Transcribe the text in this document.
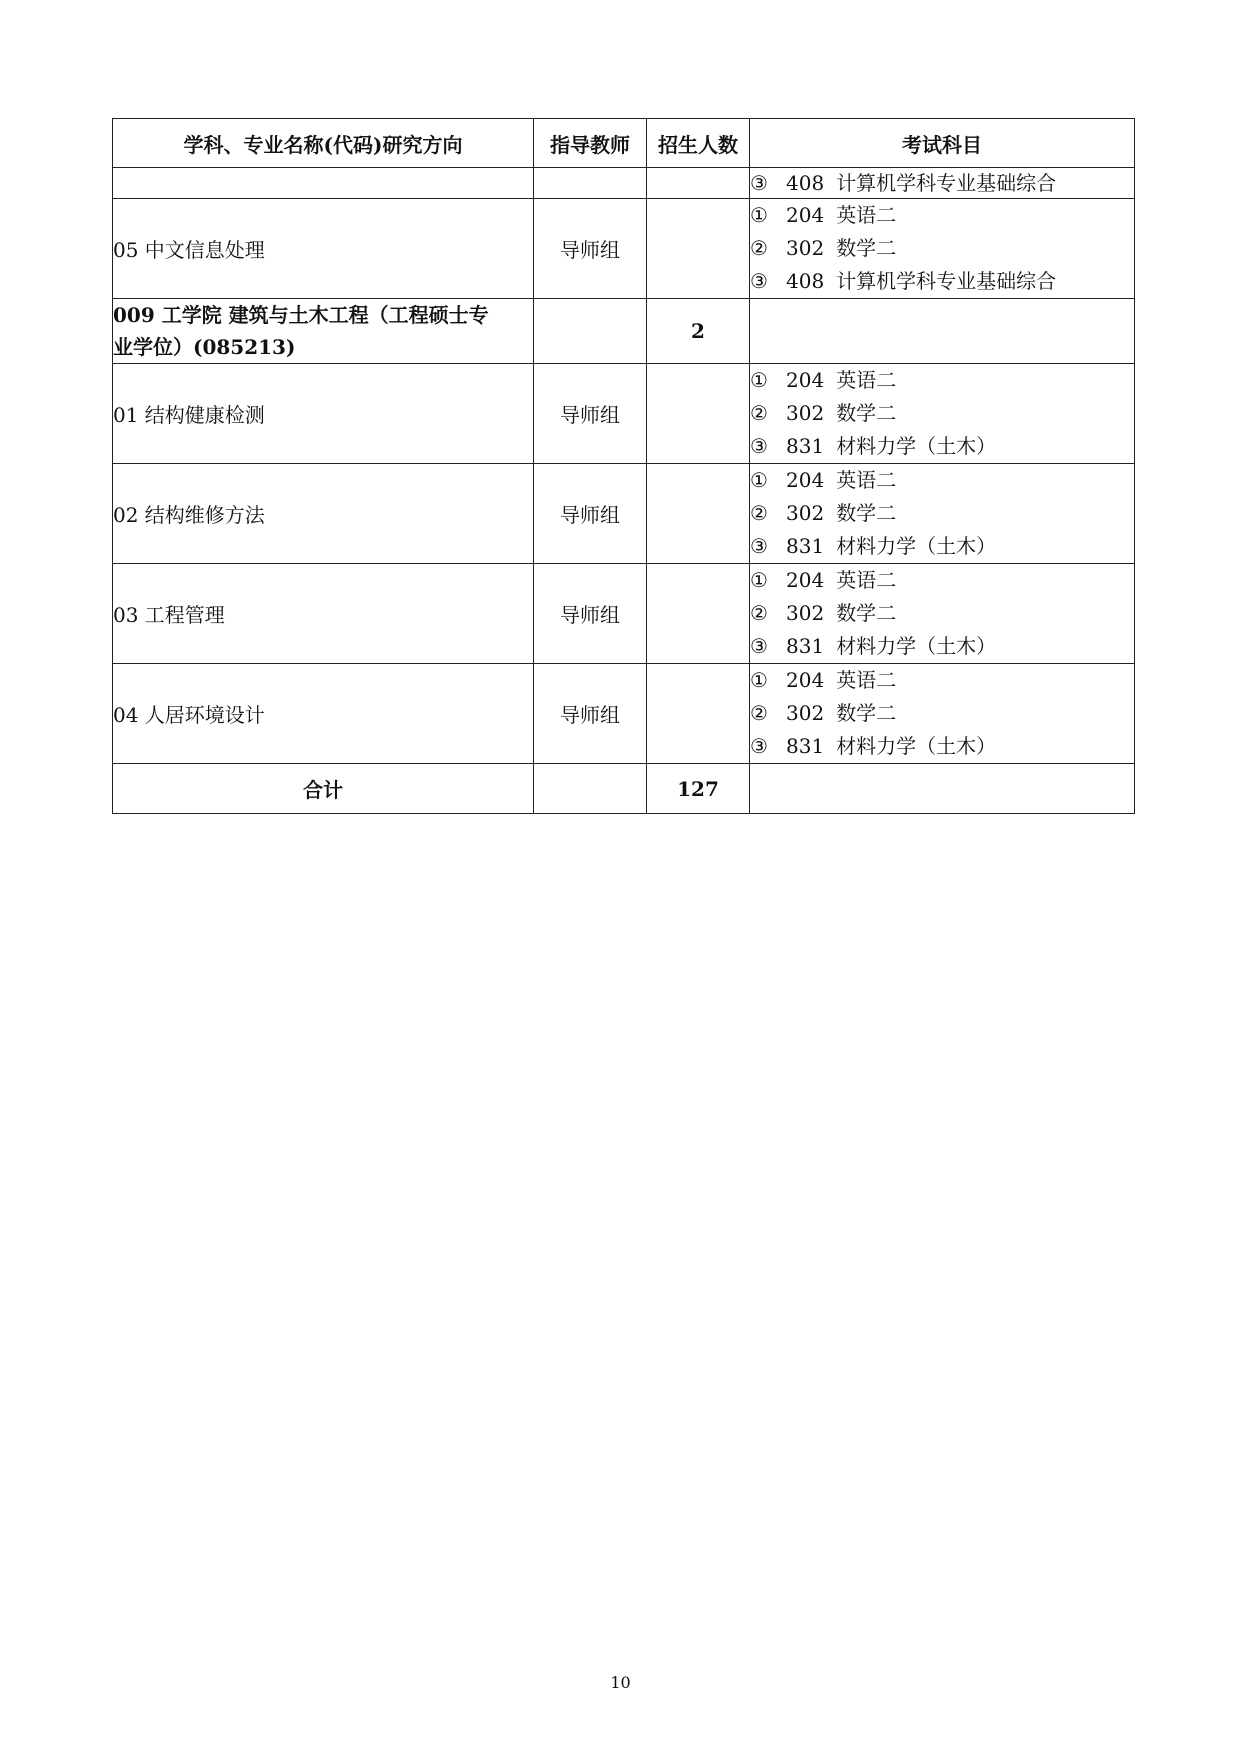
学科、专业名称(代码)研究方向	指导教师	招生人数	考试科目

			③ 408 计算机学科专业基础综合

05 中文信息处理	导师组		① 204 英语二
② 302 数学二
③ 408 计算机学科专业基础综合

009 工学院 建筑与土木工程（工程硕士专
业学位）(085213)		2	
01 结构健康检测	导师组		① 204 英语二
② 302 数学二
③ 831 材料力学（土木）

02 结构维修方法	导师组		① 204 英语二
② 302 数学二
③ 831 材料力学（土木）

03 工程管理	导师组		① 204 英语二
② 302 数学二
③ 831 材料力学（土木）

04 人居环境设计	导师组		① 204 英语二
② 302 数学二
③ 831 材料力学（土木）

合计		127	
10
